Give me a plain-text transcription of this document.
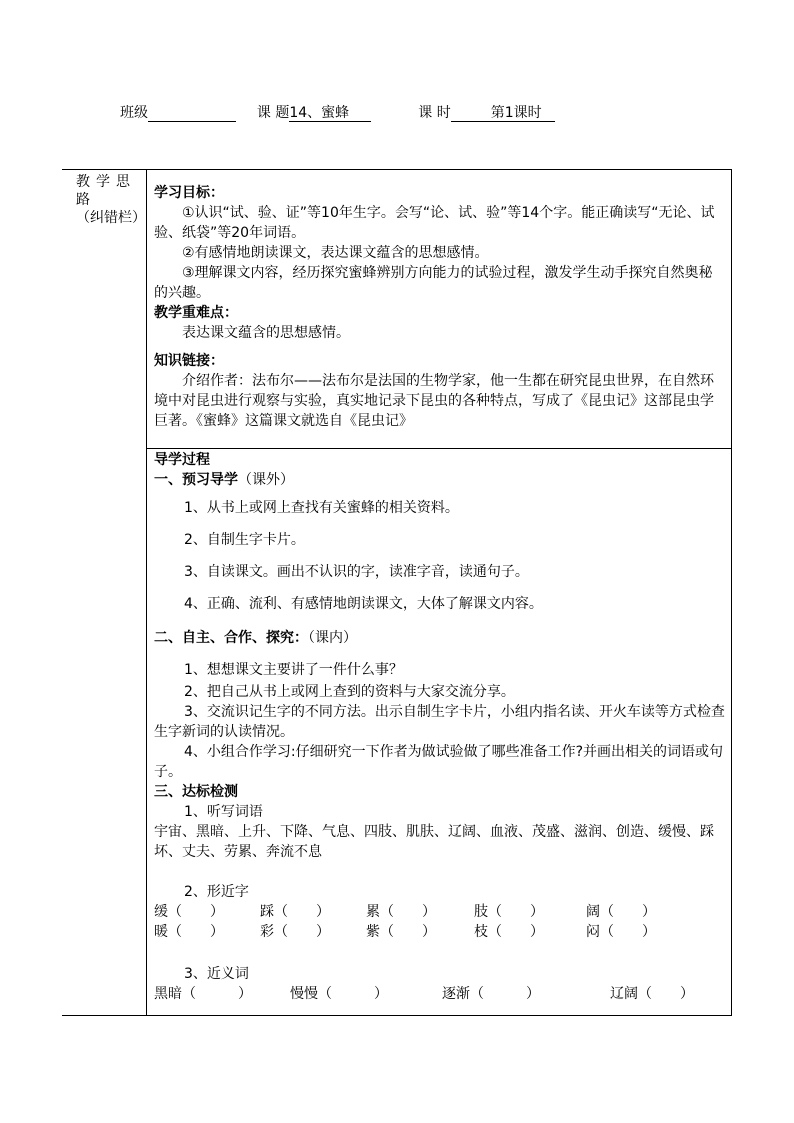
班级	课 题14、蜜蜂	课 时	第1课时
教学思
路
（纠错栏）

学习目标：

①认识“试、验、证”等10年生字。会写“论、试、验”等14个字。能正确读写“无论、试验、纸袋”等20年词语。

②有感情地朗读课文，表达课文蕴含的思想感情。

③理解课文内容，经历探究蜜蜂辨别方向能力的试验过程，激发学生动手探究自然奥秘的兴趣。

教学重难点：

表达课文蕴含的思想感情。

知识链接：

介绍作者：法布尔——法布尔是法国的生物学家，他一生都在研究昆虫世界，在自然环境中对昆虫进行观察与实验，真实地记录下昆虫的各种特点，写成了《昆虫记》这部昆虫学巨著。《蜜蜂》这篇课文就选自《昆虫记》

导学过程

一、预习导学（课外）

1、从书上或网上查找有关蜜蜂的相关资料。

2、自制生字卡片。

3、自读课文。画出不认识的字，读准字音，读通句子。

4、正确、流利、有感情地朗读课文，大体了解课文内容。

二、自主、合作、探究：（课内）

1、想想课文主要讲了一件什么事？

2、把自己从书上或网上查到的资料与大家交流分享。

3、交流识记生字的不同方法。出示自制生字卡片，小组内指名读、开火车读等方式检查生字新词的认读情况。

4、小组合作学习:仔细研究一下作者为做试验做了哪些准备工作?并画出相关的词语或句子。

三、达标检测

1、听写词语

宇宙、黑暗、上升、下降、气息、四肢、肌肤、辽阔、血液、茂盛、滋润、创造、缓慢、踩坏、丈夫、劳累、奔流不息

2、形近字

缓（　　）	踩（　　）	累（　　）	肢（　　）	阔（　　）
暖（　　）	彩（　　）	紫（　　）	枝（　　）	闷（　　）

3、近义词

黑暗（　　　）	慢慢（　　　）	逐渐（　　　）	辽阔（　　）
